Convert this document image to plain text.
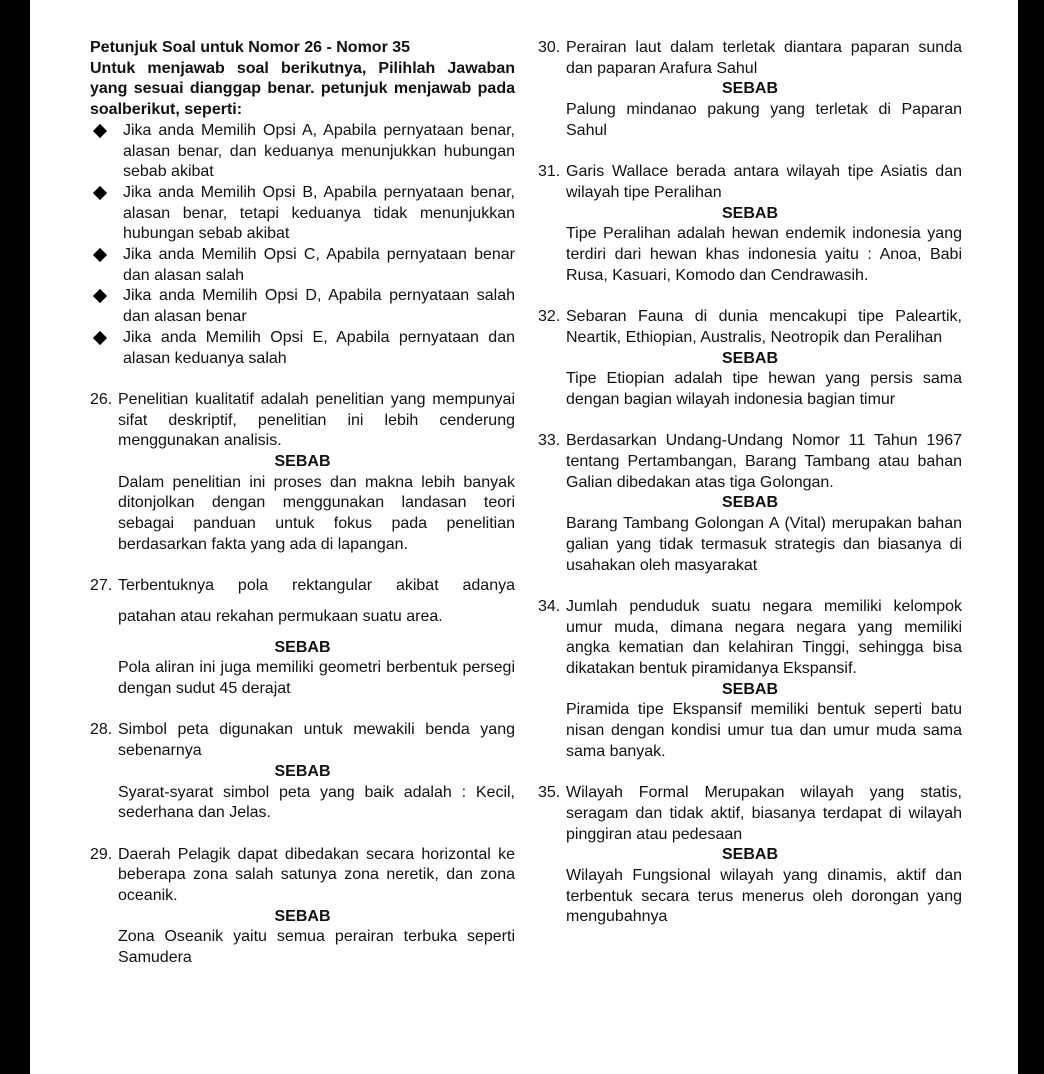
Petunjuk Soal untuk Nomor 26 - Nomor 35
Untuk menjawab soal berikutnya, Pilihlah Jawaban yang sesuai dianggap benar. petunjuk menjawab pada soalberikut, seperti:
Jika anda Memilih Opsi A, Apabila pernyataan benar, alasan benar, dan keduanya menunjukkan hubungan sebab akibat
Jika anda Memilih Opsi B, Apabila pernyataan benar, alasan benar, tetapi keduanya tidak menunjukkan hubungan sebab akibat
Jika anda Memilih Opsi C, Apabila pernyataan benar dan alasan salah
Jika anda Memilih Opsi D, Apabila pernyataan salah dan alasan benar
Jika anda Memilih Opsi E, Apabila pernyataan dan alasan keduanya salah
26. Penelitian kualitatif adalah penelitian yang mempunyai sifat deskriptif, penelitian ini lebih cenderung menggunakan analisis.
SEBAB
Dalam penelitian ini proses dan makna lebih banyak ditonjolkan dengan menggunakan landasan teori sebagai panduan untuk fokus pada penelitian berdasarkan fakta yang ada di lapangan.
27. Terbentuknya pola rektangular akibat adanya
patahan atau rekahan permukaan suatu area.
SEBAB
Pola aliran ini juga memiliki geometri berbentuk persegi dengan sudut 45 derajat
28. Simbol peta digunakan untuk mewakili benda yang sebenarnya
SEBAB
Syarat-syarat simbol peta yang baik adalah : Kecil, sederhana dan Jelas.
29. Daerah Pelagik dapat dibedakan secara horizontal ke beberapa zona salah satunya zona neretik, dan zona oceanik.
SEBAB
Zona Oseanik yaitu semua perairan terbuka seperti Samudera
30. Perairan laut dalam terletak diantara paparan sunda dan paparan Arafura Sahul
SEBAB
Palung mindanao pakung yang terletak di Paparan Sahul
31. Garis Wallace berada antara wilayah tipe Asiatis dan wilayah tipe Peralihan
SEBAB
Tipe Peralihan adalah hewan endemik indonesia yang terdiri dari hewan khas indonesia yaitu : Anoa, Babi Rusa, Kasuari, Komodo dan Cendrawasih.
32. Sebaran Fauna di dunia mencakupi tipe Paleartik, Neartik, Ethiopian, Australis, Neotropik dan Peralihan
SEBAB
Tipe Etiopian adalah tipe hewan yang persis sama dengan bagian wilayah indonesia bagian timur
33. Berdasarkan Undang-Undang Nomor 11 Tahun 1967 tentang Pertambangan, Barang Tambang atau bahan Galian dibedakan atas tiga Golongan.
SEBAB
Barang Tambang Golongan A (Vital) merupakan bahan galian yang tidak termasuk strategis dan biasanya di usahakan oleh masyarakat
34. Jumlah penduduk suatu negara memiliki kelompok umur muda, dimana negara negara yang memiliki angka kematian dan kelahiran Tinggi, sehingga bisa dikatakan bentuk piramidanya Ekspansif.
SEBAB
Piramida tipe Ekspansif memiliki bentuk seperti batu nisan dengan kondisi umur tua dan umur muda sama sama banyak.
35. Wilayah Formal Merupakan wilayah yang statis, seragam dan tidak aktif, biasanya terdapat di wilayah pinggiran atau pedesaan
SEBAB
Wilayah Fungsional wilayah yang dinamis, aktif dan terbentuk secara terus menerus oleh dorongan yang mengubahnya
